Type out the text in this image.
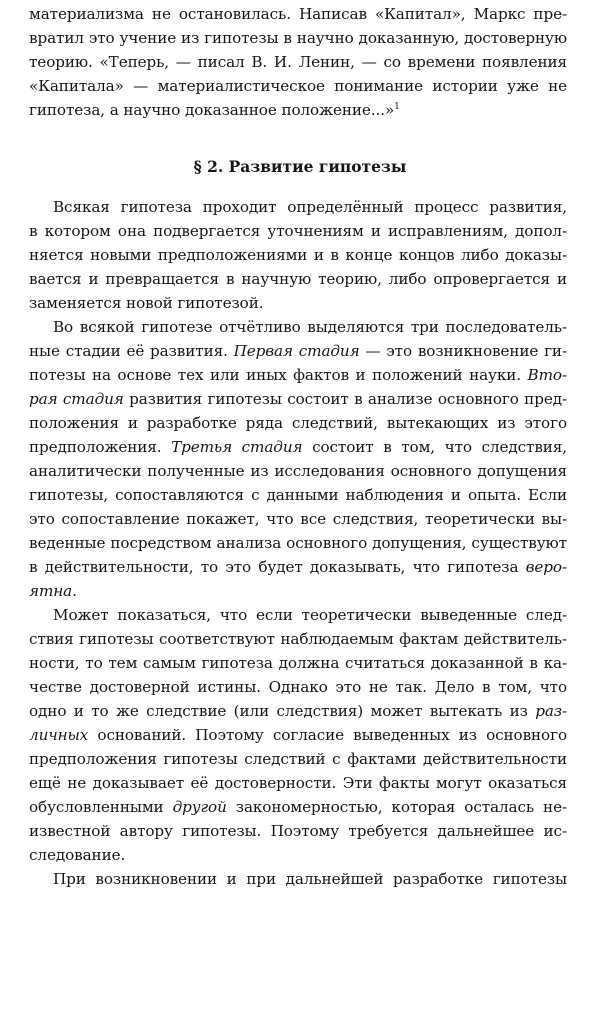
материализма не остановилась. Написав «Капитал», Маркс пре-
вратил это учение из гипотезы в научно доказанную, достоверную
теорию. «Теперь, — писал В. И. Ленин, — со времени появления
«Капитала» — материалистическое понимание истории уже не
гипотеза, а научно доказанное положение...»$^1$
§ 2. Развитие гипотезы
Всякая гипотеза проходит определённый процесс развития,
в котором она подвергается уточнениям и исправлениям, допол-
няется новыми предположениями и в конце концов либо доказы-
вается и превращается в научную теорию, либо опровергается и
заменяется новой гипотезой.
Во всякой гипотезе отчётливо выделяются три последователь-
ные стадии её развития. Первая стадия — это возникновение ги-
потезы на основе тех или иных фактов и положений науки. Вто-
рая стадия развития гипотезы состоит в анализе основного пред-
положения и разработке ряда следствий, вытекающих из этого
предположения. Третья стадия состоит в том, что следствия,
аналитически полученные из исследования основного допущения
гипотезы, сопоставляются с данными наблюдения и опыта. Если
это сопоставление покажет, что все следствия, теоретически вы-
веденные посредством анализа основного допущения, существуют
в действительности, то это будет доказывать, что гипотеза веро-
ятна.
Может показаться, что если теоретически выведенные след-
ствия гипотезы соответствуют наблюдаемым фактам действитель-
ности, то тем самым гипотеза должна считаться доказанной в ка-
честве достоверной истины. Однако это не так. Дело в том, что
одно и то же следствие (или следствия) может вытекать из раз-
личных оснований. Поэтому согласие выведенных из основного
предположения гипотезы следствий с фактами действительности
ещё не доказывает её достоверности. Эти факты могут оказаться
обусловленными другой закономерностью, которая осталась не-
известной автору гипотезы. Поэтому требуется дальнейшее ис-
следование.
При возникновении и при дальнейшей разработке гипотезы
